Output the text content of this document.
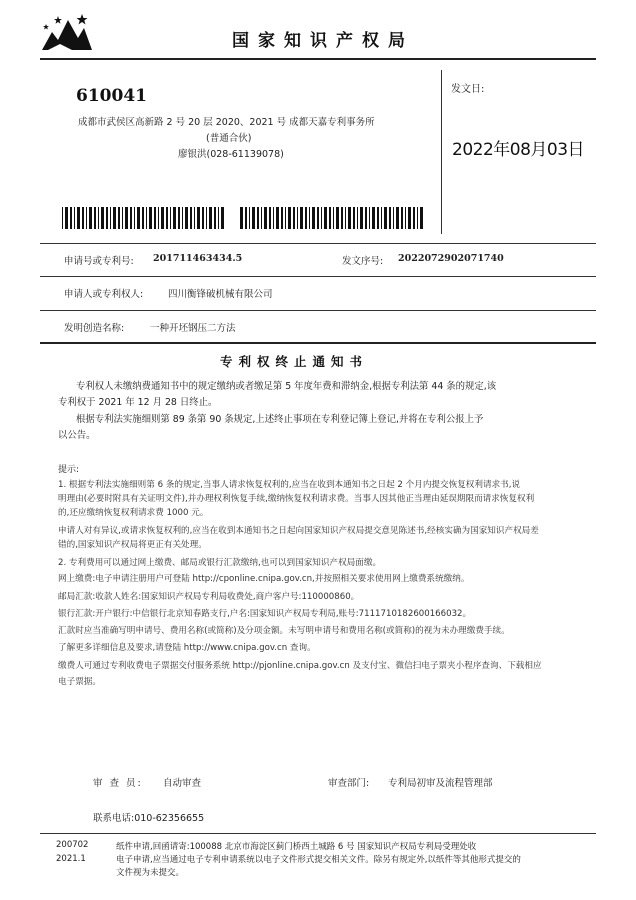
国家知识产权局
610041
成都市武侯区高新路 2 号 20 层 2020、2021 号 成都天嘉专利事务所
(普通合伙)
廖银洪(028-61139078)
发文日:
2022年08月03日
申请号或专利号: 201711463434.5	发文序号: 2022072902071740
申请人或专利权人:	四川衡锋破机械有限公司
发明创造名称:	一种开坯钢压二方法
专利权终止通知书
专利权人未缴纳费通知书中的规定缴纳或者缴足第 5 年度年费和滞纳金,根据专利法第 44 条的规定,该
专利权于 2021 年 12 月 28 日终止。
根据专利法实施细则第 89 条第 90 条规定,上述终止事项在专利登记簿上登记,并将在专利公报上予
以公告。
提示:
1. 根据专利法实施细则第 6 条的规定,当事人请求恢复权利的,应当在收到本通知书之日起 2 个月内提交恢复权利请求书,说
明理由(必要时附具有关证明文件),并办理权利恢复手续,缴纳恢复权利请求费。当事人因其他正当理由延误期限而请求恢复权利
的,还应缴纳恢复权利请求费 1000 元。
申请人对有异议,或请求恢复权利的,应当在收到本通知书之日起向国家知识产权局提交意见陈述书,经核实确为国家知识产权局差
错的,国家知识产权局将更正有关处理。
2. 专利费用可以通过网上缴费、邮局或银行汇款缴纳,也可以到国家知识产权局面缴。
网上缴费:电子申请注册用户可登陆 http://cponline.cnipa.gov.cn,并按照相关要求使用网上缴费系统缴纳。
邮局汇款:收款人姓名:国家知识产权局专利局收费处,商户客户号:110000860。
银行汇款:开户银行:中信银行北京知春路支行,户名:国家知识产权局专利局,账号:7111710182600166032。
汇款时应当准确写明申请号、费用名称(或简称)及分项金额。未写明申请号和费用名称(或简称)的视为未办理缴费手续。
了解更多详细信息及要求,请登陆 http://www.cnipa.gov.cn 查询。
缴费人可通过专利收费电子票据交付服务系统 http://pjonline.cnipa.gov.cn 及支付宝、微信扫电子票夹小程序查询、下载相应
电子票据。
审 查 员: 自动审查	审查部门: 专利局初审及流程管理部
联系电话:010-62356655
200702
2021.1
纸件申请,回函请寄:100088 北京市海淀区蓟门桥西土城路 6 号 国家知识产权局专利局受理处收
电子申请,应当通过电子专利申请系统以电子文件形式提交相关文件。除另有规定外,以纸件等其他形式提交的
文件视为未提交。
